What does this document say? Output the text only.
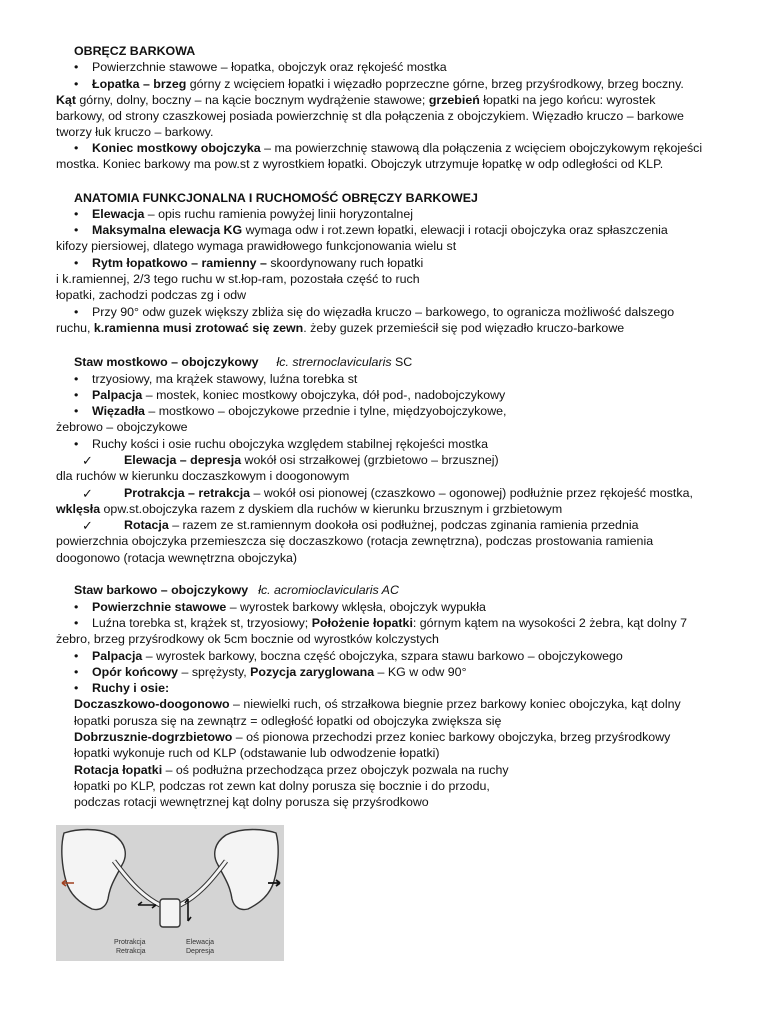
OBRĘCZ BARKOWA
• Powierzchnie stawowe – łopatka, obojczyk oraz rękojeść mostka
• Łopatka – brzeg górny z wcięciem łopatki i więzadło poprzeczne górne, brzeg przyśrodkowy, brzeg boczny.
Kąt górny, dolny, boczny – na kącie bocznym wydrążenie stawowe; grzebień łopatki na jego końcu: wyrostek
barkowy, od strony czaszkowej posiada powierzchnię st dla połączenia z obojczykiem. Więzadło kruczo – barkowe
tworzy łuk kruczo – barkowy.
• Koniec mostkowy obojczyka – ma powierzchnię stawową dla połączenia z wcięciem obojczykowym rękojeści
mostka. Koniec barkowy ma pow.st z wyrostkiem łopatki. Obojczyk utrzymuje łopatkę w odp odległości od KLP.
ANATOMIA FUNKCJONALNA I RUCHOMOŚĆ OBRĘCZY BARKOWEJ
• Elewacja – opis ruchu ramienia powyżej linii horyzontalnej
• Maksymalna elewacja KG wymaga odw i rot.zewn łopatki, elewacji i rotacji obojczyka oraz spłaszczenia
kifozy piersiowej, dlatego wymaga prawidłowego funkcjonowania wielu st
• Rytm łopatkowo – ramienny – skoordynowany ruch łopatki
i k.ramiennej, 2/3 tego ruchu w st.łop-ram, pozostała część to ruch
łopatki, zachodzi podczas zg i odw
• Przy 90° odw guzek większy zbliża się do więzadła kruczo – barkowego, to ogranicza możliwość dalszego
ruchu, k.ramienna musi zrotować się zewn. żeby guzek przemieścił się pod więzadło kruczo-barkowe
Staw mostkowo – obojczykowy łc. strernoclavicularis SC
• trzyosiowy, ma krążek stawowy, luźna torebka st
• Palpacja – mostek, koniec mostkowy obojczyka, dół pod-, nadobojczykowy
• Więzadła – mostkowo – obojczykowe przednie i tylne, międzyobojczykowe,
żebrowo – obojczykowe
• Ruchy kości i osie ruchu obojczyka względem stabilnej rękojeści mostka
✓ Elewacja – depresja wokół osi strzałkowej (grzbietowo – brzusznej)
dla ruchów w kierunku doczaszkowym i doogonowym
✓ Protrakcja – retrakcja – wokół osi pionowej (czaszkowo – ogonowej) podłużnie przez rękojeść mostka,
wklęsła opw.st.obojczyka razem z dyskiem dla ruchów w kierunku brzusznym i grzbietowym
✓ Rotacja – razem ze st.ramiennym dookoła osi podłużnej, podczas zginania ramienia przednia
powierzchnia obojczyka przemieszcza się doczaszkowo (rotacja zewnętrzna), podczas prostowania ramienia
doogonowo (rotacja wewnętrzna obojczyka)
Staw barkowo – obojczykowy łc. acromioclavicularis AC
• Powierzchnie stawowe – wyrostek barkowy wklęsła, obojczyk wypukła
• Luźna torebka st, krążek st, trzyosiowy; Położenie łopatki: górnym kątem na wysokości 2 żebra, kąt dolny 7
żebro, brzeg przyśrodkowy ok 5cm bocznie od wyrostków kolczystych
• Palpacja – wyrostek barkowy, boczna część obojczyka, szpara stawu barkowo – obojczykowego
• Opór końcowy – sprężysty, Pozycja zaryglowana – KG w odw 90°
• Ruchy i osie:
Doczaszkowo-doogonowo – niewielki ruch, oś strzałkowa biegnie przez barkowy koniec obojczyka, kąt dolny
łopatki porusza się na zewnątrz = odległość łopatki od obojczyka zwiększa się
Dobrzusznie-dogrzbietowo – oś pionowa przechodzi przez koniec barkowy obojczyka, brzeg przyśrodkowy
łopatki wykonuje ruch od KLP (odstawanie lub odwodzenie łopatki)
Rotacja łopatki – oś podłużna przechodząca przez obojczyk pozwala na ruchy
łopatki po KLP, podczas rot zewn kat dolny porusza się bocznie i do przodu,
podczas rotacji wewnętrznej kąt dolny porusza się przyśrodkowo
Protrakcja
Retrakcja
Elewacja
Depresja
